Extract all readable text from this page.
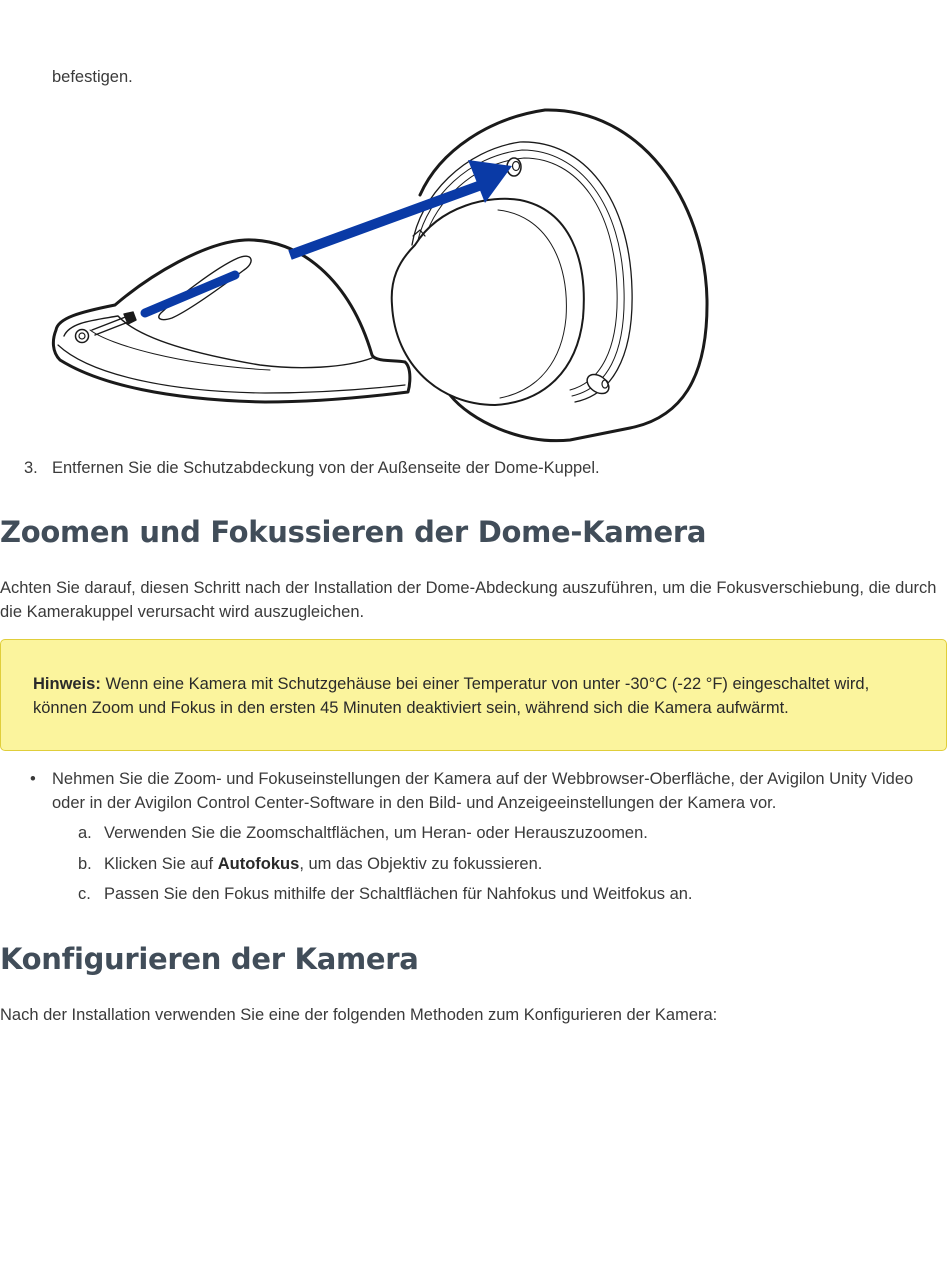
befestigen.
3. Entfernen Sie die Schutzabdeckung von der Außenseite der Dome-Kuppel.
Zoomen und Fokussieren der Dome-Kamera
Achten Sie darauf, diesen Schritt nach der Installation der Dome-Abdeckung auszuführen, um die Fokusverschiebung, die durch die Kamerakuppel verursacht wird auszugleichen.
Hinweis: Wenn eine Kamera mit Schutzgehäuse bei einer Temperatur von unter -30°C (-22 °F) eingeschaltet wird, können Zoom und Fokus in den ersten 45 Minuten deaktiviert sein, während sich die Kamera aufwärmt.
• Nehmen Sie die Zoom- und Fokuseinstellungen der Kamera auf der Webbrowser-Oberfläche, der Avigilon Unity Video oder in der Avigilon Control Center-Software in den Bild- und Anzeigeeinstellungen der Kamera vor.
a. Verwenden Sie die Zoomschaltflächen, um Heran- oder Herauszuzoomen.
b. Klicken Sie auf Autofokus, um das Objektiv zu fokussieren.
c. Passen Sie den Fokus mithilfe der Schaltflächen für Nahfokus und Weitfokus an.
Konfigurieren der Kamera
Nach der Installation verwenden Sie eine der folgenden Methoden zum Konfigurieren der Kamera:
